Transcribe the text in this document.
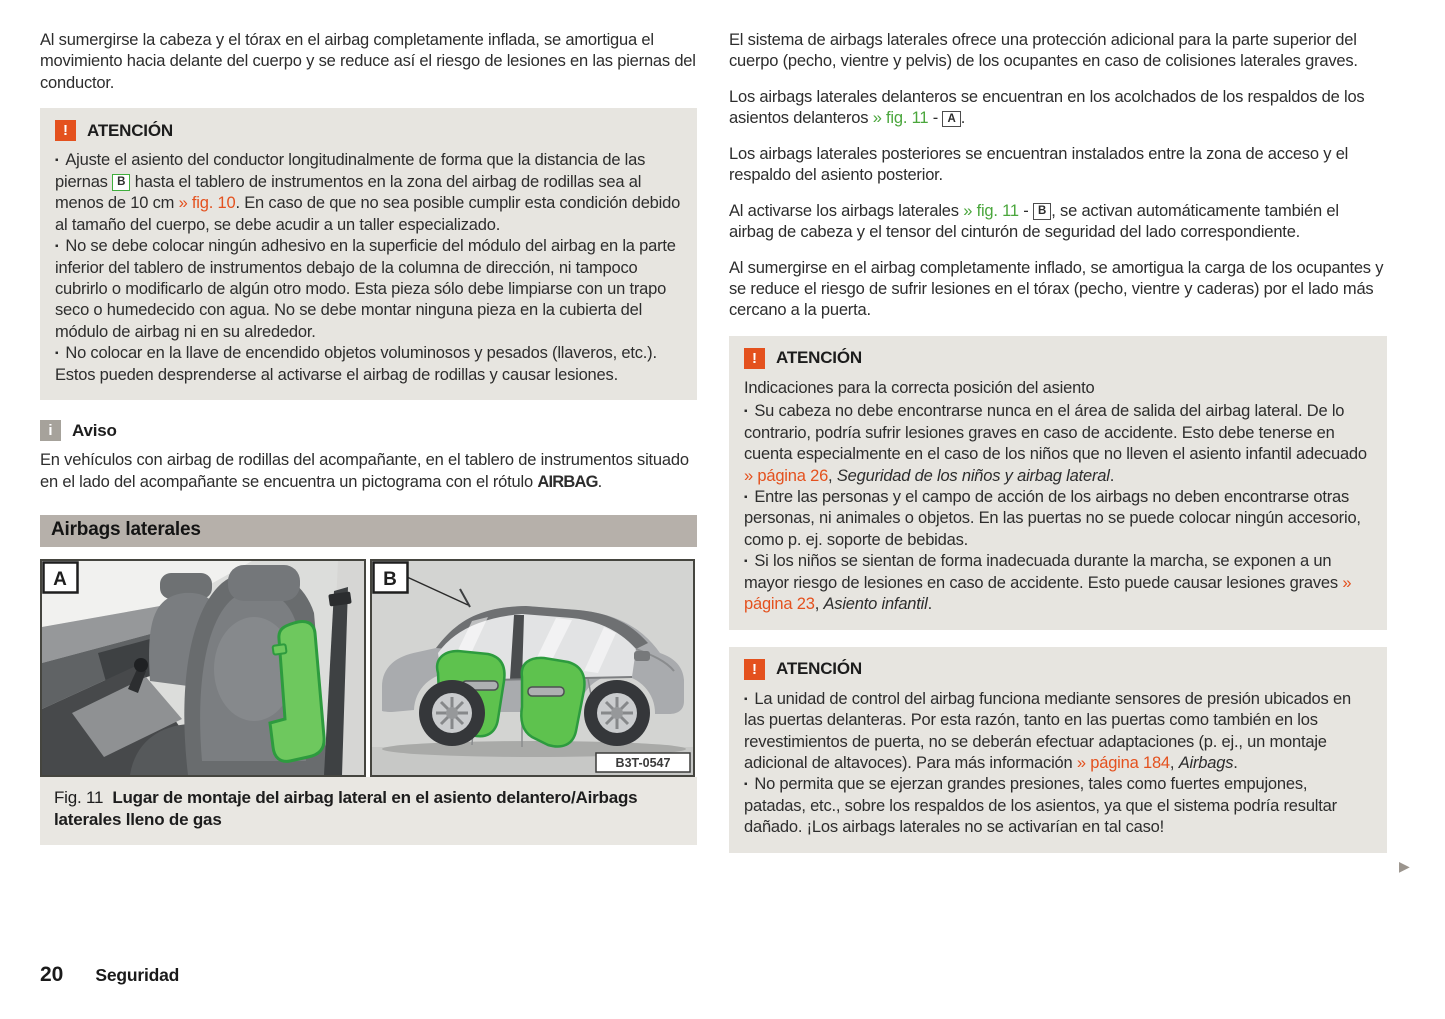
Al sumergirse la cabeza y el tórax en el airbag completamente inflada, se amortigua el movimiento hacia delante del cuerpo y se reduce así el riesgo de lesiones en las piernas del conductor.

!	ATENCIÓN
▪ Ajuste el asiento del conductor longitudinalmente de forma que la distancia de las piernas B hasta el tablero de instrumentos en la zona del airbag de rodillas sea al menos de 10 cm » fig. 10. En caso de que no sea posible cumplir esta condición debido al tamaño del cuerpo, se debe acudir a un taller especializado.
▪ No se debe colocar ningún adhesivo en la superficie del módulo del airbag en la parte inferior del tablero de instrumentos debajo de la columna de dirección, ni tampoco cubrirlo o modificarlo de algún otro modo. Esta pieza sólo debe limpiarse con un trapo seco o humedecido con agua. No se debe montar ninguna pieza en la cubierta del módulo de airbag ni en su alrededor.
▪ No colocar en la llave de encendido objetos voluminosos y pesados (llaveros, etc.). Estos pueden desprenderse al activarse el airbag de rodillas y causar lesiones.
i	Aviso

En vehículos con airbag de rodillas del acompañante, en el tablero de instrumentos situado en el lado del acompañante se encuentra un pictograma con el rótulo AIRBAG.

Airbags laterales
A	B
B3T-0547
Fig. 11 Lugar de montaje del airbag lateral en el asiento delantero/Airbags laterales lleno de gas

El sistema de airbags laterales ofrece una protección adicional para la parte superior del cuerpo (pecho, vientre y pelvis) de los ocupantes en caso de colisiones laterales graves.

Los airbags laterales delanteros se encuentran en los acolchados de los respaldos de los asientos delanteros » fig. 11 - A .

Los airbags laterales posteriores se encuentran instalados entre la zona de acceso y el respaldo del asiento posterior.

Al activarse los airbags laterales » fig. 11 - B , se activan automáticamente también el airbag de cabeza y el tensor del cinturón de seguridad del lado correspondiente.

Al sumergirse en el airbag completamente inflado, se amortigua la carga de los ocupantes y se reduce el riesgo de sufrir lesiones en el tórax (pecho, vientre y caderas) por el lado más cercano a la puerta.

!	ATENCIÓN

Indicaciones para la correcta posición del asiento

▪ Su cabeza no debe encontrarse nunca en el área de salida del airbag lateral. De lo contrario, podría sufrir lesiones graves en caso de accidente. Esto debe tenerse en cuenta especialmente en el caso de los niños que no lleven el asiento infantil adecuado » página 26, Seguridad de los niños y airbag lateral.
▪ Entre las personas y el campo de acción de los airbags no deben encontrarse otras personas, ni animales o objetos. En las puertas no se puede colocar ningún accesorio, como p. ej. soporte de bebidas.
▪ Si los niños se sientan de forma inadecuada durante la marcha, se exponen a un mayor riesgo de lesiones en caso de accidente. Esto puede causar lesiones graves » página 23, Asiento infantil.
!	ATENCIÓN
▪ La unidad de control del airbag funciona mediante sensores de presión ubicados en las puertas delanteras. Por esta razón, tanto en las puertas como también en los revestimientos de puerta, no se deberán efectuar adaptaciones (p. ej., un montaje adicional de altavoces). Para más información » página 184, Airbags.
▪ No permita que se ejerzan grandes presiones, tales como fuertes empujones, patadas, etc., sobre los respaldos de los asientos, ya que el sistema podría resultar dañado. ¡Los airbags laterales no se activarían en tal caso!
▶
20 Seguridad
